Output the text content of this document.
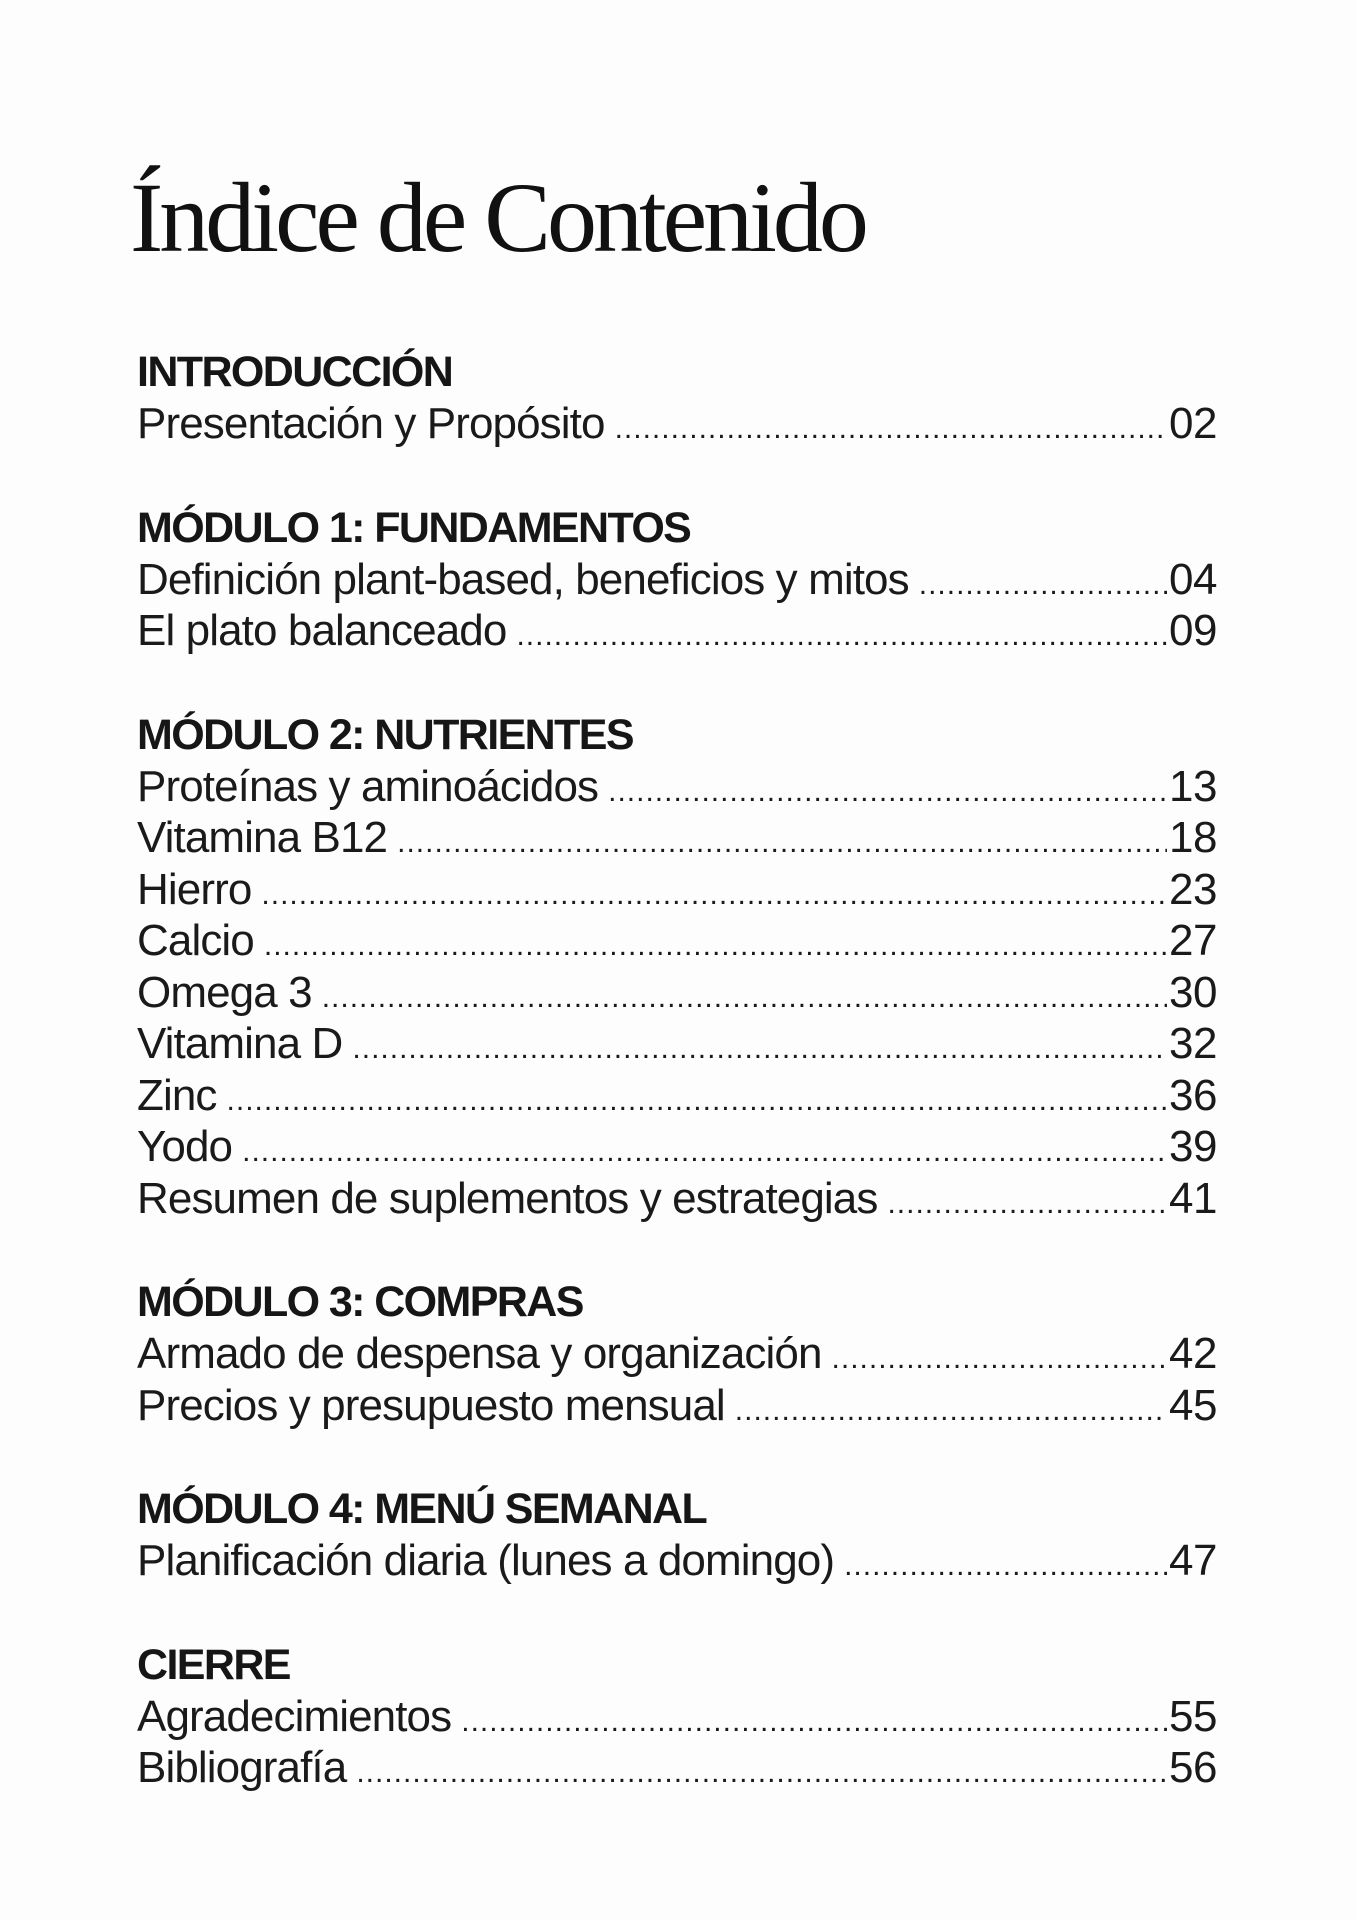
Índice de Contenido
INTRODUCCIÓN
Presentación y Propósito .....	02
MÓDULO 1: FUNDAMENTOS
Definición plant-based, beneficios y mitos .....	04
El plato balanceado .....	09
MÓDULO 2: NUTRIENTES
Proteínas y aminoácidos .....	13
Vitamina B12 .....	18
Hierro .....	23
Calcio .....	27
Omega 3 .....	30
Vitamina D .....	32
Zinc .....	36
Yodo .....	39
Resumen de suplementos y estrategias .....	41
MÓDULO 3: COMPRAS
Armado de despensa y organización .....	42
Precios y presupuesto mensual .....	45
MÓDULO 4: MENÚ SEMANAL
Planificación diaria (lunes a domingo) .....	47
CIERRE
Agradecimientos .....	55
Bibliografía .....	56
